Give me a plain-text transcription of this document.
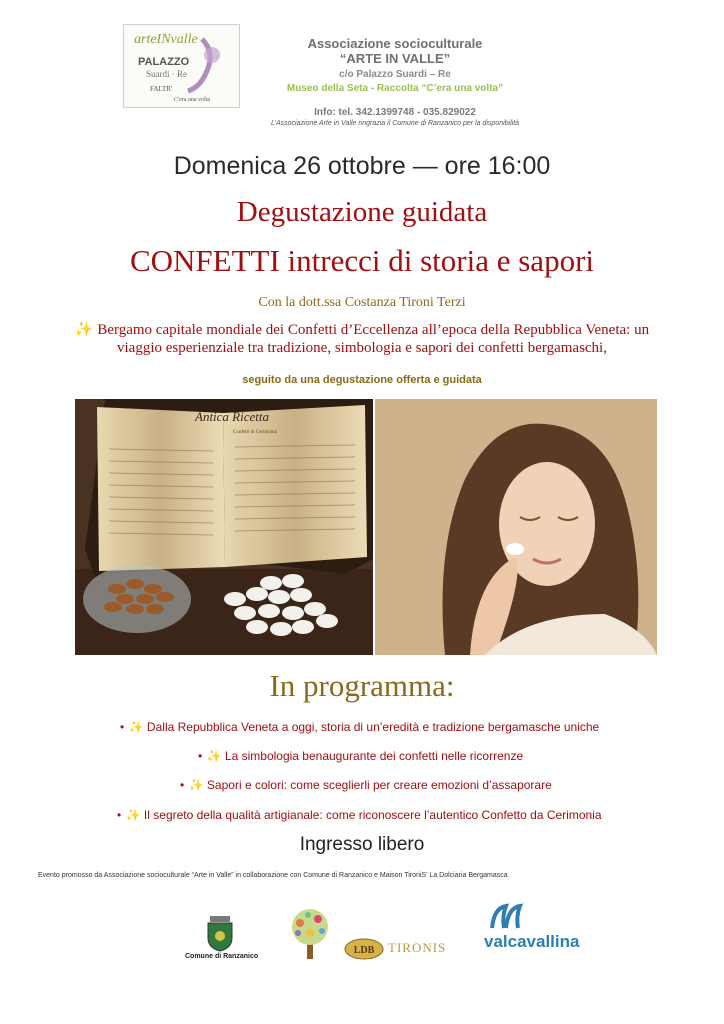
arteINvalle
PALAZZO
Suardi · Re
FALTR'
C'era una volta
Associazione socioculturale
“ARTE IN VALLE”
c/o Palazzo Suardi – Re
Museo della Seta - Raccolta “C’era una volta”
Info: tel. 342.1399748 - 035.829022
L’Associazione Arte in Valle ringrazia il Comune di Ranzanico per la disponibilità
Domenica 26 ottobre — ore 16:00
Degustazione guidata
CONFETTI intrecci di storia e sapori
Con la dott.ssa Costanza Tironi Terzi
✨ Bergamo capitale mondiale dei Confetti d’Eccellenza all’epoca della Repubblica Veneta: un
viaggio esperienziale tra tradizione, simbologia e sapori dei confetti bergamaschi,
seguito da una degustazione offerta e guidata
Antica Ricetta
Confetti di Cerimonia
In programma:
• ✨ Dalla Repubblica Veneta a oggi, storia di un’eredità e tradizione bergamasche uniche
• ✨ La simbologia benaugurante dei confetti nelle ricorrenze
• ✨ Sapori e colori: come sceglierli per creare emozioni d’assaporare
• ✨ Il segreto della qualità artigianale: come riconoscere l’autentico Confetto da Cerimonia
Ingresso libero
Evento promosso da Associazione socioculturale “Arte in Valle” in collaborazione con Comune di Ranzanico e Maison TironiS’ La Dolciaria Bergamasca
Comune di Ranzanico
LDB TIRONIS valcavallina
